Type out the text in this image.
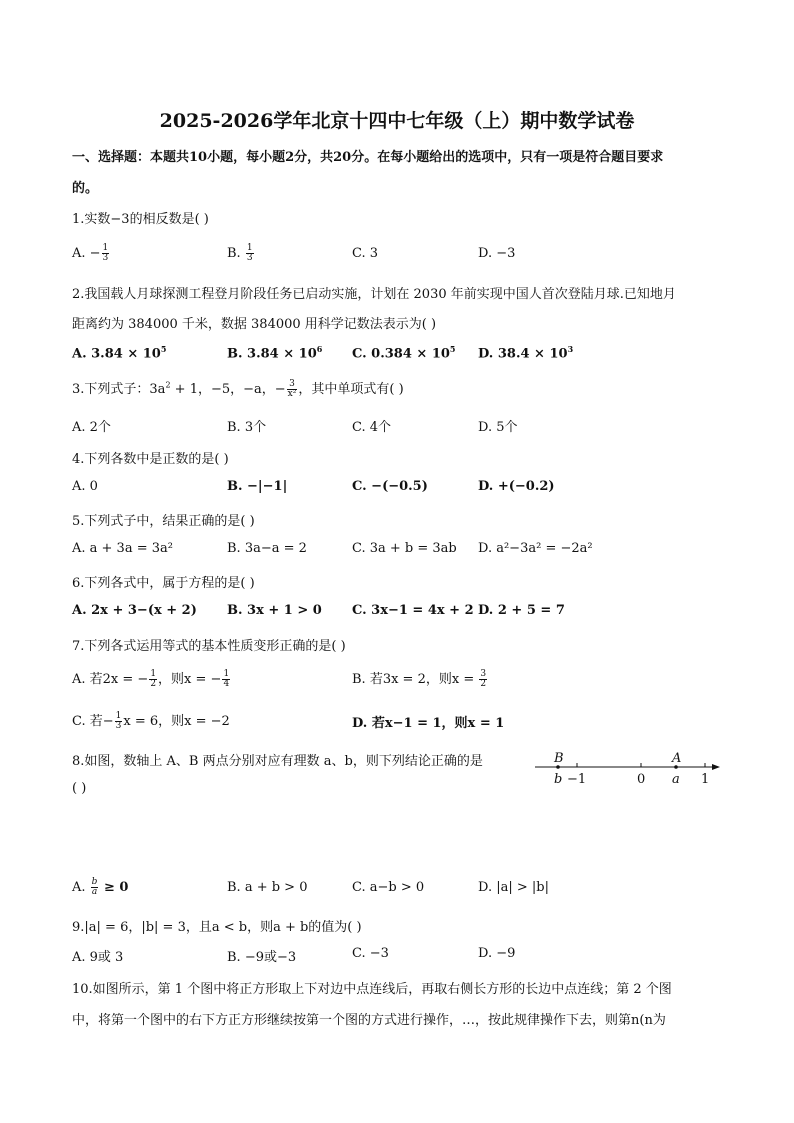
2025-2026学年北京十四中七年级（上）期中数学试卷
一、选择题：本题共10小题，每小题2分，共20分。在每小题给出的选项中，只有一项是符合题目要求
的。
1.实数−3的相反数是( )
A. − $\frac{1}{3}$	B. $\frac{1}{3}$	C. 3	D. −3
2.我国载人月球探测工程登月阶段任务已启动实施，计划在 2030 年前实现中国人首次登陆月球.已知地月
距离约为 384000 千米，数据 384000 用科学记数法表示为( )
A. $3.84 \times 10^5$	B. $3.84 \times 10^6$ C. $0.384 \times 10^5$ D. $38.4 \times 10^3$
3.下列式子：$3a^2 + 1$，−5，−a，− $\frac{3}{\text{x²}}$ ，其中单项式有( )
A. 2个	B. 3个	C. 4个	D. 5个
4.下列各数中是正数的是( )
A. 0	B. −|−1|	C. −(−0.5)	D. +(−0.2)
5.下列式子中，结果正确的是( )
A. a + 3a = 3a²	B. 3a−a = 2	C. 3a + b = 3ab D. a²−3a² = −2a²
6.下列各式中，属于方程的是( )
A. 2x + 3−(x + 2) B. 3x + 1 > 0 C. 3x−1 = 4x + 2 D. 2 + 5 = 7
7.下列各式运用等式的基本性质变形正确的是( )
A. 若2x = − $\frac{1}{2}$ ，则x = − $\frac{1}{4}$	B. 若3x = 2，则$x = \frac{3}{2}$
C. 若− $\frac{1}{3}$ x = 6，则x = −2	D. 若x−1 = 1，则x = 1
8.如图，数轴上 A、B 两点分别对应有理数 a、b，则下列结论正确的是
( )
B	A
b −1	0 a 1
A. $\frac{b}{a} \ge 0$	B. a + b > 0	C. a−b > 0	D. |a| > |b|
9.|a| = 6，|b| = 3，且a < b，则a + b的值为( )
A. 9或 3	B. −9或−3	C. −3	D. −9
10.如图所示，第 1 个图中将正方形取上下对边中点连线后，再取右侧长方形的长边中点连线；第 2 个图
中，将第一个图中的右下方正方形继续按第一个图的方式进行操作，…，按此规律操作下去，则第n(n为
